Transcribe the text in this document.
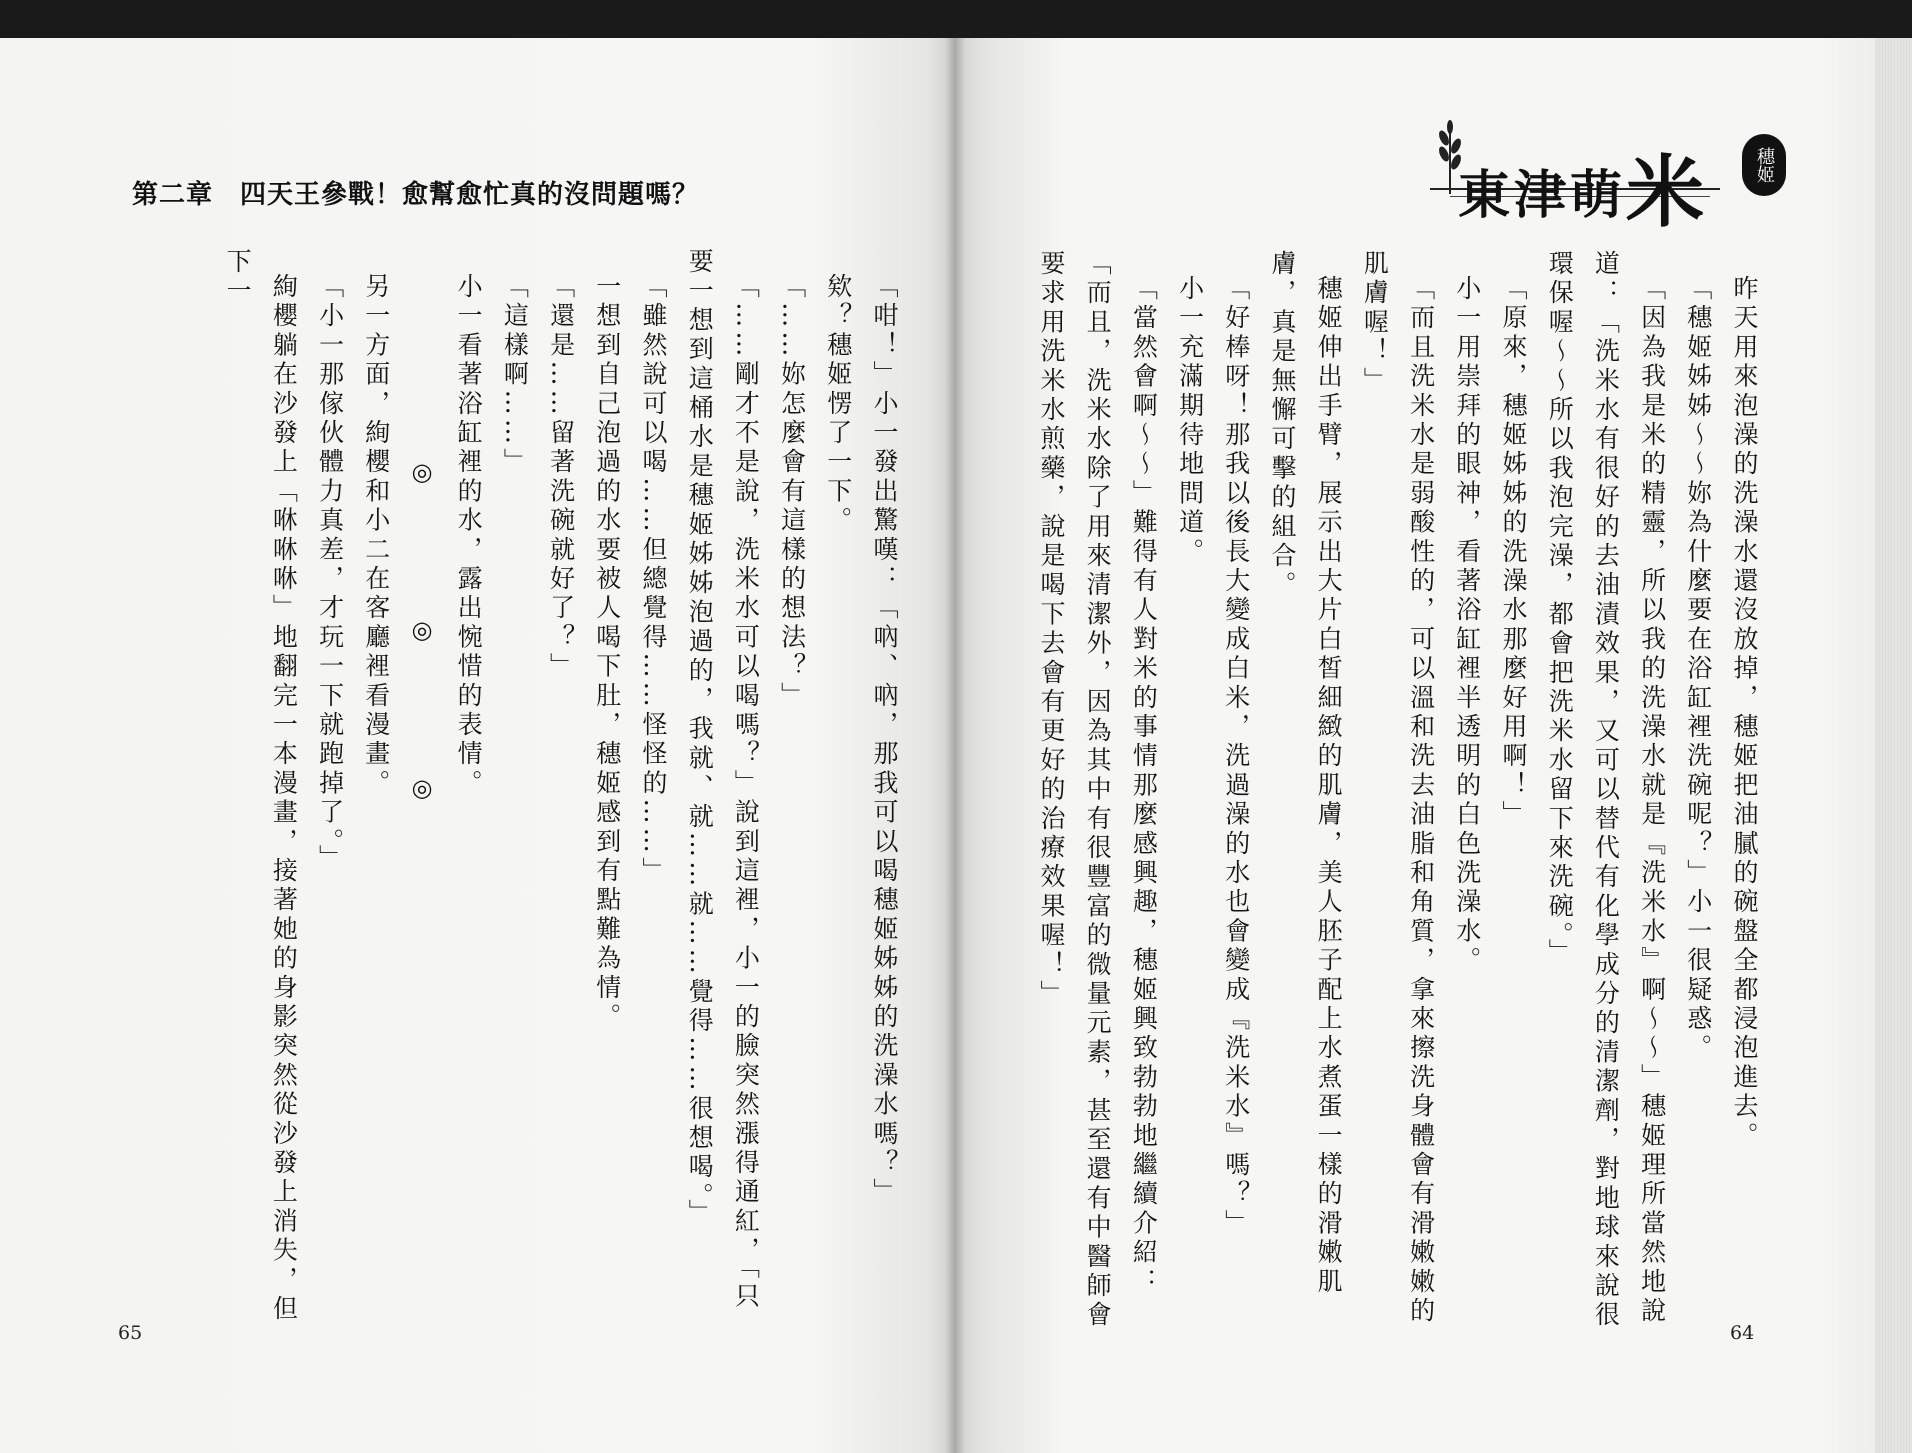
第二章　四天王參戰！愈幫愈忙真的沒問題嗎？	東津萌米	穗姬

「咁！」小一發出驚嘆：「吶、吶，那我可以喝穗姬姊姊的洗澡水嗎？」

欸？穗姬愣了一下。

「……妳怎麼會有這樣的想法？」

「……剛才不是說，洗米水可以喝嗎？」說到這裡，小一的臉突然漲得通紅，「只要一想到這桶水是穗姬姊姊泡過的，我就、就……就……覺得……很想喝。」

「雖然說可以喝……但總覺得……怪怪的……」

一想到自己泡過的水要被人喝下肚，穗姬感到有點難為情。

「還是……留著洗碗就好了？」

「這樣啊……」

小一看著浴缸裡的水，露出惋惜的表情。

◎◎◎

另一方面，絢櫻和小二在客廳裡看漫畫。

「小一那傢伙體力真差，才玩一下就跑掉了。」

絢櫻躺在沙發上「咻咻咻」地翻完一本漫畫，接著她的身影突然從沙發上消失，但下一	昨天用來泡澡的洗澡水還沒放掉，穗姬把油膩的碗盤全都浸泡進去。

「穗姬姊姊～～妳為什麼要在浴缸裡洗碗呢？」小一很疑惑。

「因為我是米的精靈，所以我的洗澡水就是『洗米水』啊～～」穗姬理所當然地說道：「洗米水有很好的去油漬效果，又可以替代有化學成分的清潔劑，對地球來說很環保喔～～所以我泡完澡，都會把洗米水留下來洗碗。」

「原來，穗姬姊姊的洗澡水那麼好用啊！」

小一用崇拜的眼神，看著浴缸裡半透明的白色洗澡水。

「而且洗米水是弱酸性的，可以溫和洗去油脂和角質，拿來擦洗身體會有滑嫩嫩的肌膚喔！」

穗姬伸出手臂，展示出大片白皙細緻的肌膚，美人胚子配上水煮蛋一樣的滑嫩肌膚，真是無懈可擊的組合。

「好棒呀！那我以後長大變成白米，洗過澡的水也會變成『洗米水』嗎？」

小一充滿期待地問道。

「當然會啊～～」難得有人對米的事情那麼感興趣，穗姬興致勃勃地繼續介紹：「而且，洗米水除了用來清潔外，因為其中有很豐富的微量元素，甚至還有中醫師會要求用洗米水煎藥，說是喝下去會有更好的治療效果喔！」

65	64
